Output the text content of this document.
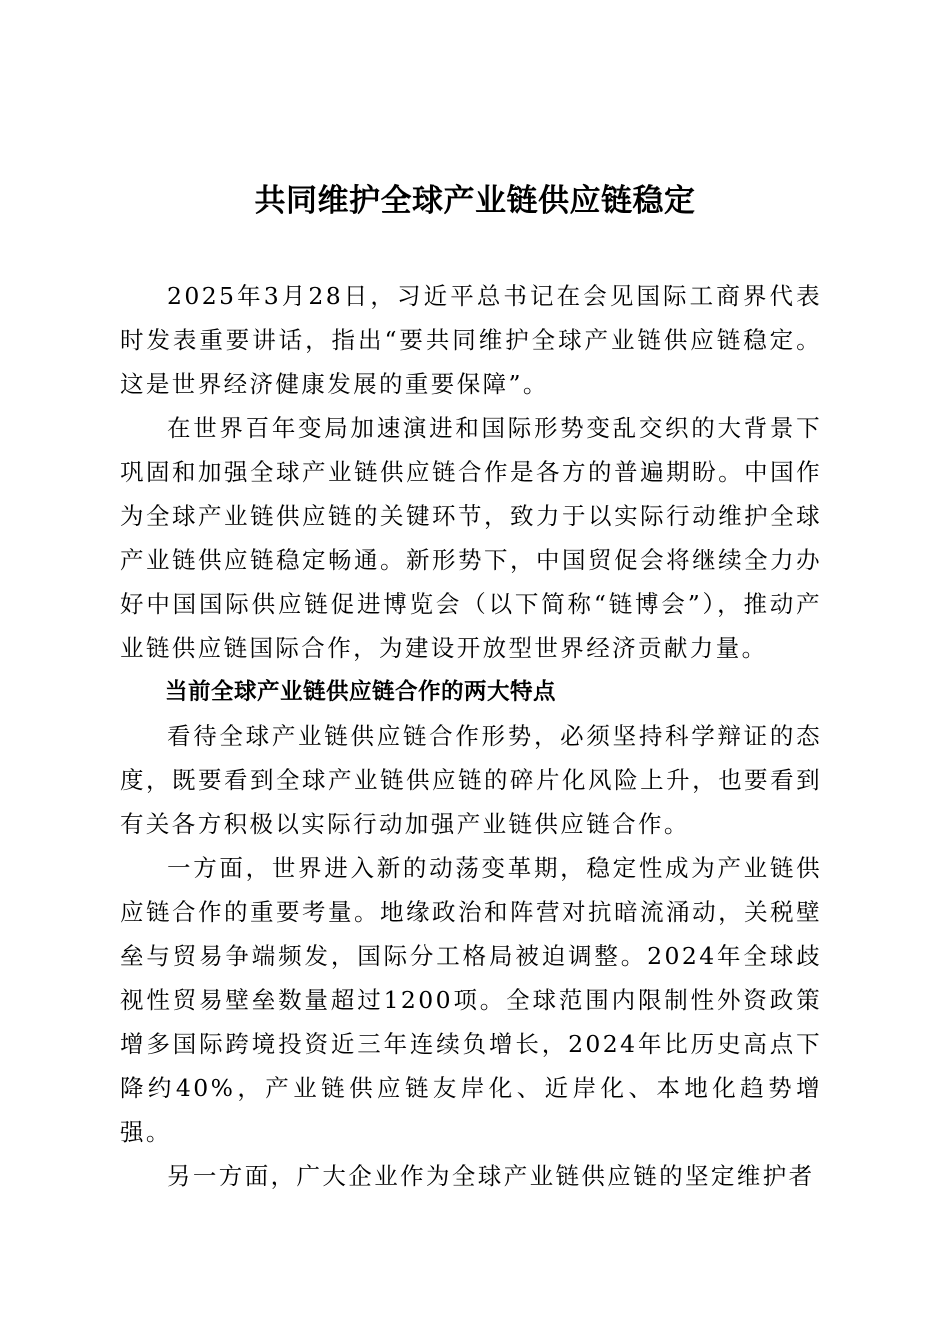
共同维护全球产业链供应链稳定

2025年3月28日，习近平总书记在会见国际工商界代表时发表重要讲话，指出“要共同维护全球产业链供应链稳定。这是世界经济健康发展的重要保障”。

在世界百年变局加速演进和国际形势变乱交织的大背景下巩固和加强全球产业链供应链合作是各方的普遍期盼。中国作为全球产业链供应链的关键环节，致力于以实际行动维护全球产业链供应链稳定畅通。新形势下，中国贸促会将继续全力办好中国国际供应链促进博览会（以下简称“链博会”），推动产业链供应链国际合作，为建设开放型世界经济贡献力量。

当前全球产业链供应链合作的两大特点

看待全球产业链供应链合作形势，必须坚持科学辩证的态度，既要看到全球产业链供应链的碎片化风险上升，也要看到有关各方积极以实际行动加强产业链供应链合作。

一方面，世界进入新的动荡变革期，稳定性成为产业链供应链合作的重要考量。地缘政治和阵营对抗暗流涌动，关税壁垒与贸易争端频发，国际分工格局被迫调整。2024年全球歧视性贸易壁垒数量超过1200项。全球范围内限制性外资政策增多国际跨境投资近三年连续负增长，2024年比历史高点下降约40%，产业链供应链友岸化、近岸化、本地化趋势增强。

另一方面，广大企业作为全球产业链供应链的坚定维护者
